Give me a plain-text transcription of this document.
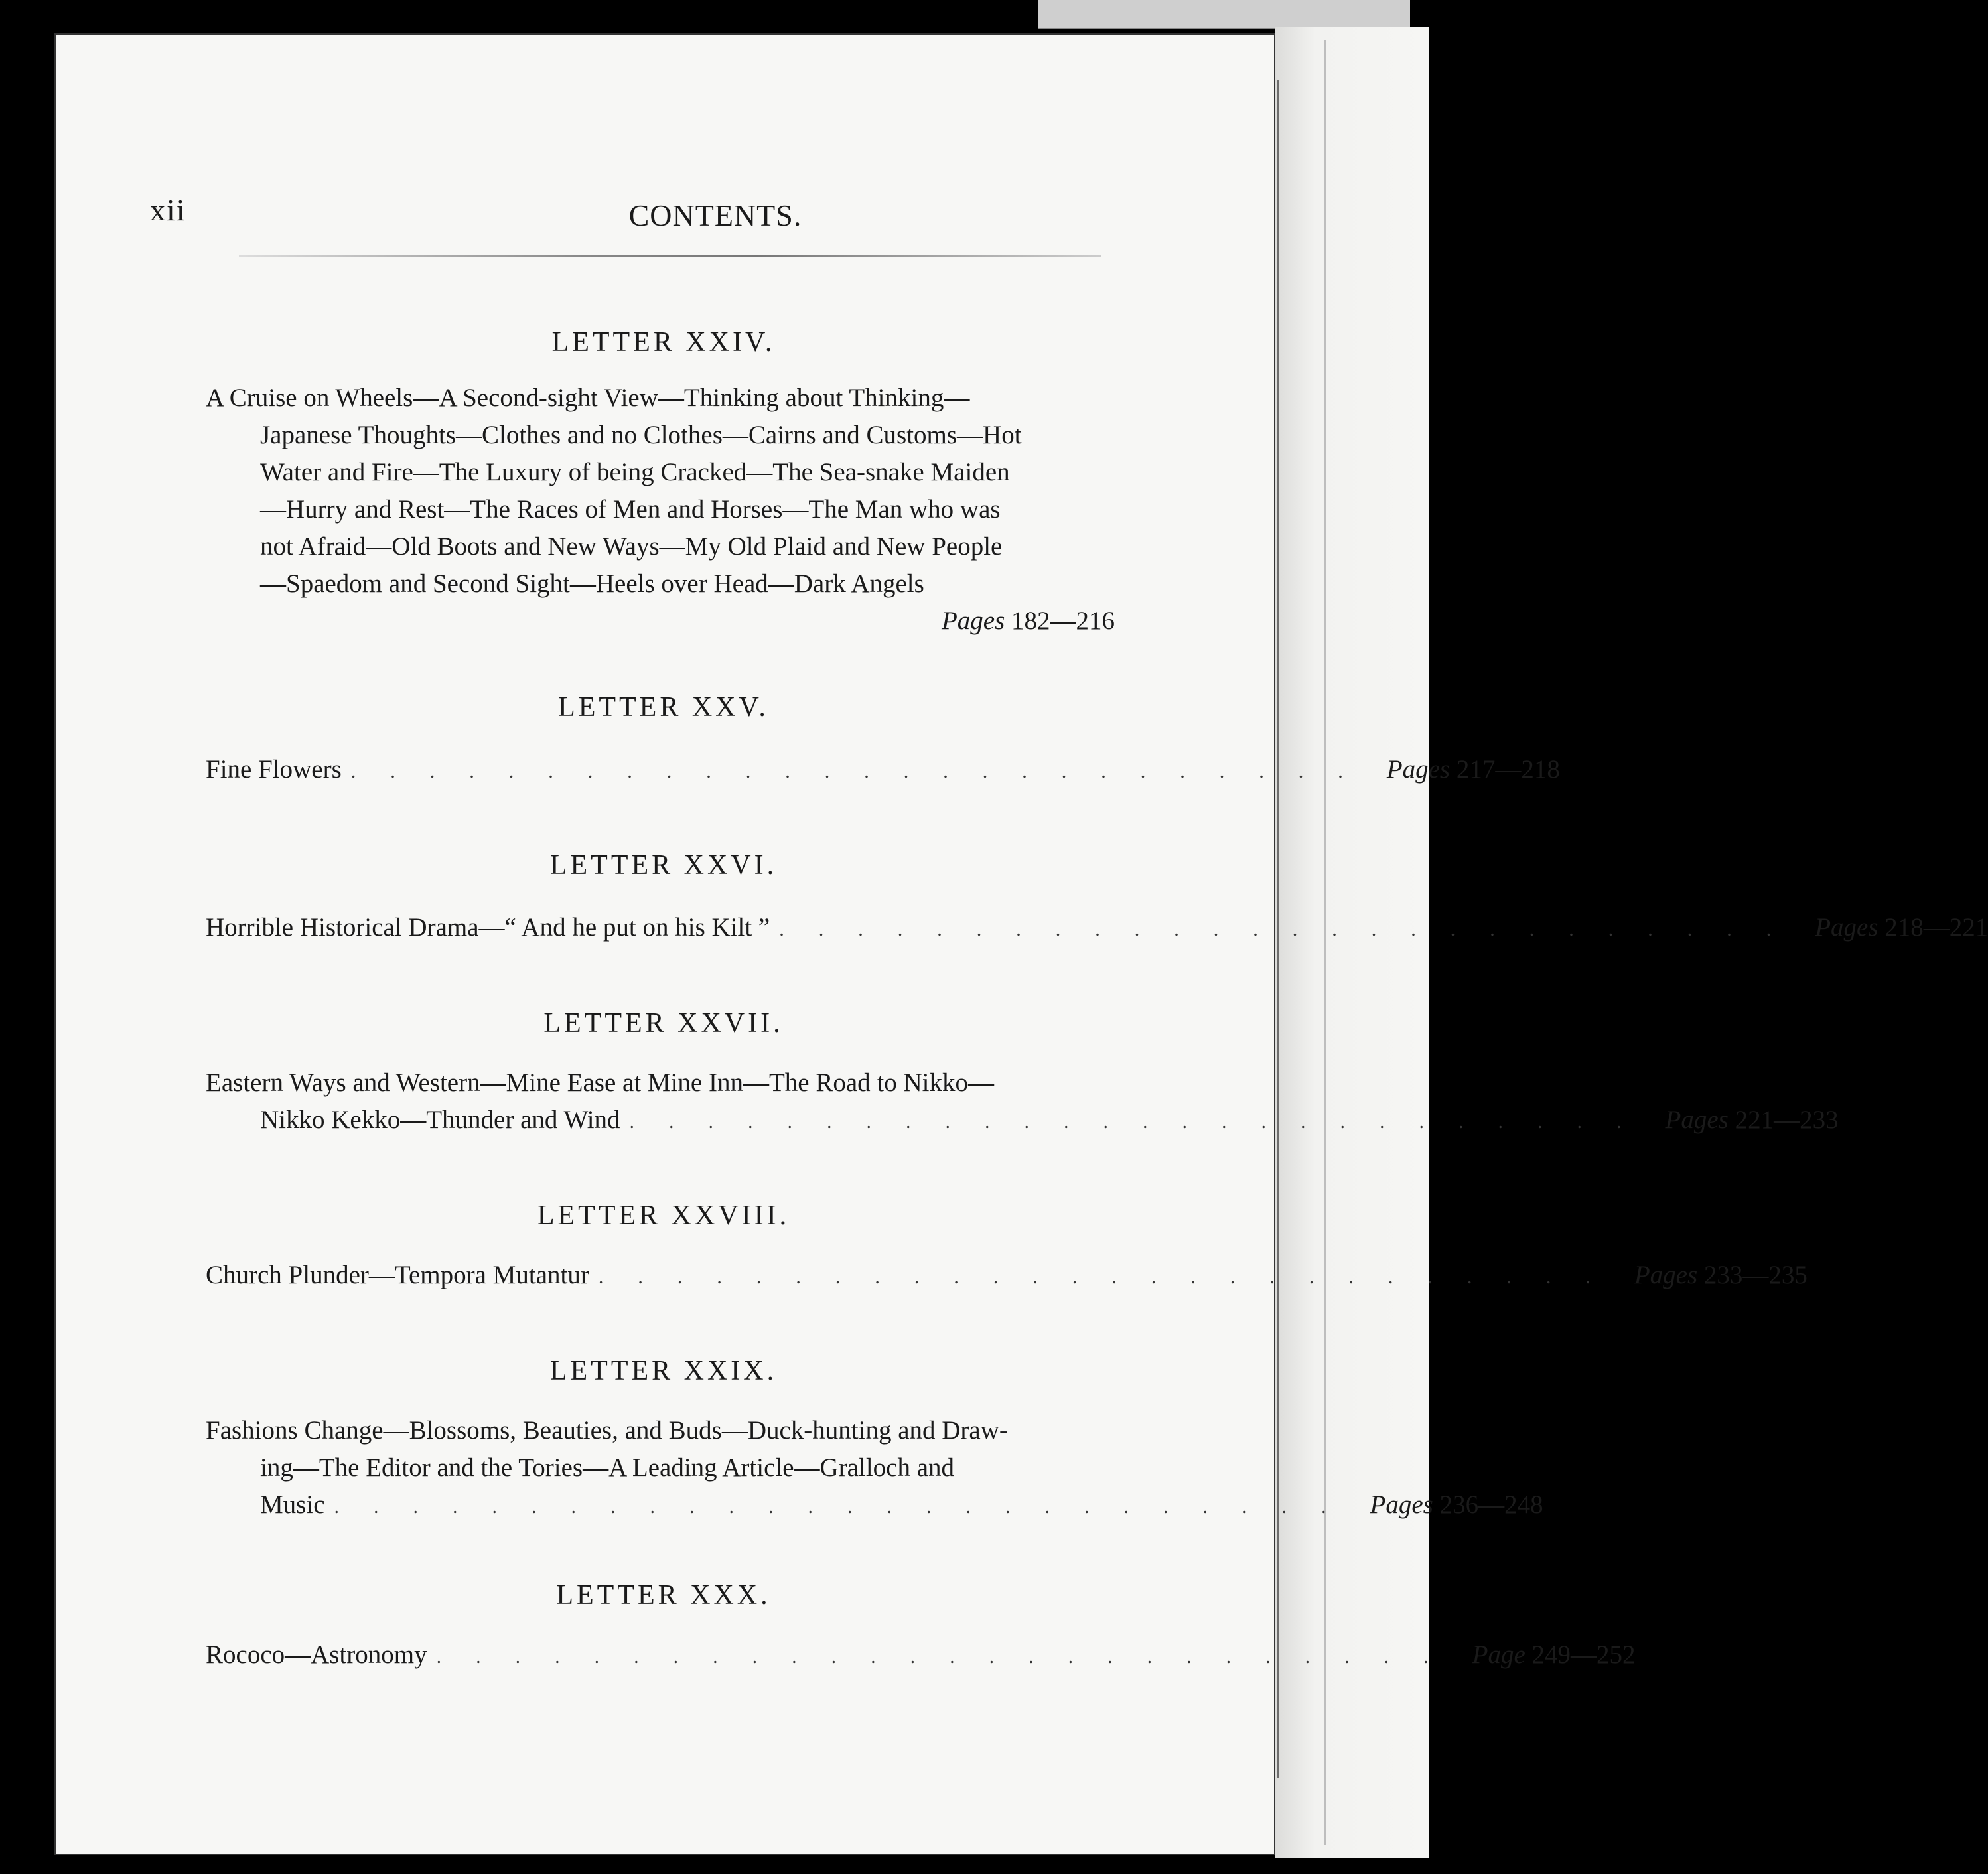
xii	CONTENTS.
LETTER XXIV.
A Cruise on Wheels—A Second-sight View—Thinking about Thinking—
Japanese Thoughts—Clothes and no Clothes—Cairns and Customs—Hot
Water and Fire—The Luxury of being Cracked—The Sea-snake Maiden
—Hurry and Rest—The Races of Men and Horses—The Man who was
not Afraid—Old Boots and New Ways—My Old Plaid and New People
—Spaedom and Second Sight—Heels over Head—Dark Angels
Pages 182—216
LETTER XXV.
Fine Flowers .......................... Pages 217—218
LETTER XXVI.
Horrible Historical Drama—“ And he put on his Kilt ” .......................... Pages 218—221
LETTER XXVII.
Eastern Ways and Western—Mine Ease at Mine Inn—The Road to Nikko—
Nikko Kekko—Thunder and Wind .......................... Pages 221—233
LETTER XXVIII.
Church Plunder—Tempora Mutantur .......................... Pages 233—235
LETTER XXIX.
Fashions Change—Blossoms, Beauties, and Buds—Duck-hunting and Draw-
ing—The Editor and the Tories—A Leading Article—Gralloch and
Music .......................... Pages 236—248
LETTER XXX.
Rococo—Astronomy .......................... Page 249—252
